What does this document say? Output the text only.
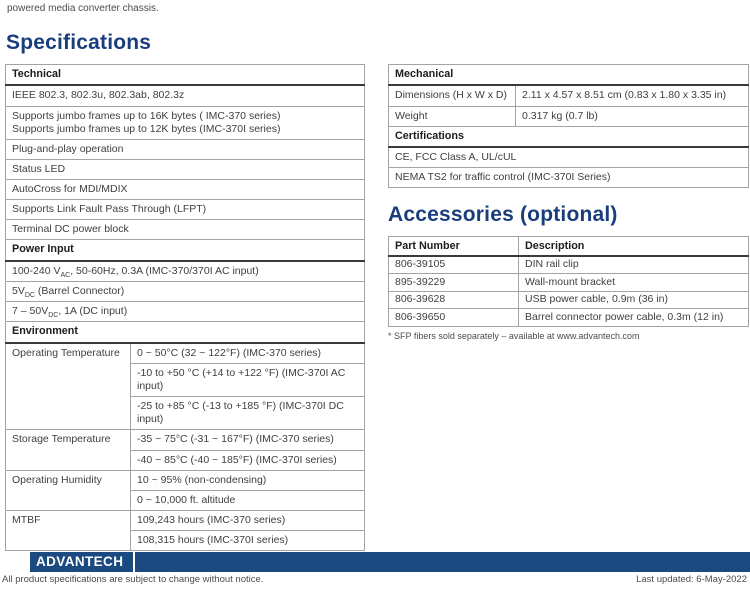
powered media converter chassis.
Specifications
Technical	
IEEE 802.3, 802.3u, 802.3ab, 802.3z	

Supports jumbo frames up to 16K bytes ( IMC-370 series)
Supports jumbo frames up to 12K bytes (IMC-370I series)	

Plug-and-play operation	
Status LED	
AutoCross for MDI/MDIX	
Supports Link Fault Pass Through (LFPT)	
Terminal DC power block	
Power Input	
100-240 $V_{AC}$, 50-60Hz, 0.3A (IMC-370/370I AC input)	
$5V_{DC}$ (Barrel Connector)	
$7 - 50V_{DC}$, 1A (DC input)	
Environment	
Operating Temperature	0 ~ 50°C (32 ~ 122°F) (IMC-370 series)
	-10 to +50 °C (+14 to +122 °F) (IMC-370I AC input)
	-25 to +85 °C (-13 to +185 °F) (IMC-370I DC input)
Storage Temperature	-35 ~ 75°C (-31 ~ 167°F) (IMC-370 series)
	-40 ~ 85°C (-40 ~ 185°F) (IMC-370I series)
Operating Humidity	10 ~ 95% (non-condensing)
	0 ~ 10,000 ft. altitude
MTBF	109,243 hours (IMC-370 series)
	108,315 hours (IMC-370I series)
Mechanical	
Dimensions (H x W x D)	2.11 x 4.57 x 8.51 cm (0.83 x 1.80 x 3.35 in)
Weight	0.317 kg (0.7 lb)
Certifications	
CE, FCC Class A, UL/cUL	
NEMA TS2 for traffic control (IMC-370I Series)	
Accessories (optional)
Part Number	Description
806-39105	DIN rail clip
895-39229	Wall-mount bracket
806-39628	USB power cable, 0.9m (36 in)
806-39650	Barrel connector power cable, 0.3m (12 in)
* SFP fibers sold separately – available at www.advantech.com
ADVANTECH
All product specifications are subject to change without notice.	Last updated: 6-May-2022
